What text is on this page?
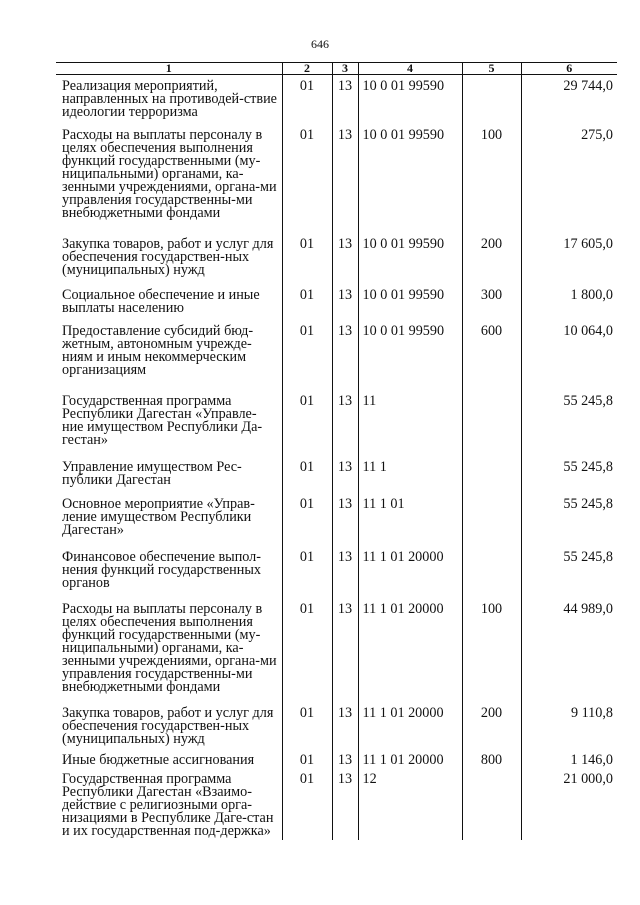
646
1	2	3	4	5	6
Реализация мероприятий, направленных на противодей-ствие идеологии терроризма	01	13	10 0 01 99590		29 744,0
Расходы на выплаты персоналу в целях обеспечения выполнения функций государственными (му-ниципальными) органами, ка-зенными учреждениями, органа-ми управления государственны-ми внебюджетными фондами	01	13	10 0 01 99590	100	275,0
Закупка товаров, работ и услуг для обеспечения государствен-ных (муниципальных) нужд	01	13	10 0 01 99590	200	17 605,0
Социальное обеспечение и иные выплаты населению	01	13	10 0 01 99590	300	1 800,0
Предоставление субсидий бюд-жетным, автономным учрежде-ниям и иным некоммерческим организациям	01	13	10 0 01 99590	600	10 064,0
Государственная программа Республики Дагестан «Управле-ние имуществом Республики Да-гестан»	01	13	11		55 245,8
Управление имуществом Рес-публики Дагестан	01	13	11 1		55 245,8
Основное мероприятие «Управ-ление имуществом Республики Дагестан»	01	13	11 1 01		55 245,8
Финансовое обеспечение выпол-нения функций государственных органов	01	13	11 1 01 20000		55 245,8
Расходы на выплаты персоналу в целях обеспечения выполнения функций государственными (му-ниципальными) органами, ка-зенными учреждениями, органа-ми управления государственны-ми внебюджетными фондами	01	13	11 1 01 20000	100	44 989,0
Закупка товаров, работ и услуг для обеспечения государствен-ных (муниципальных) нужд	01	13	11 1 01 20000	200	9 110,8
Иные бюджетные ассигнования	01	13	11 1 01 20000	800	1 146,0
Государственная программа Республики Дагестан «Взаимо-действие с религиозными орга-низациями в Республике Даге-стан и их государственная под-держка»	01	13	12		21 000,0
